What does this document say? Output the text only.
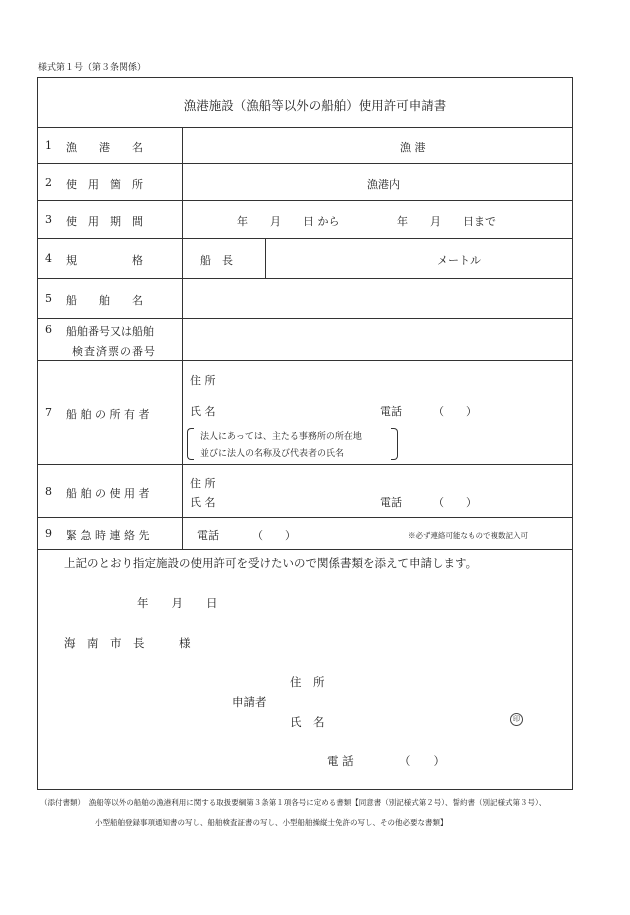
様式第１号（第３条関係）
漁港施設（漁船等以外の船舶）使用許可申請書
1 漁　　港　　名	漁 港
2 使　用　箇　所	漁港内
3 使　用　期　間	年　　月　　日 から	年　　月　　日まで
4 規　　　　　格	船　長	メートル
5 船　　舶　　名
6 船舶番号又は船舶
検査済票の番号
7 船 舶 の 所 有 者
住 所
氏 名	電話	（　　）
法人にあっては、主たる事務所の所在地
並びに法人の名称及び代表者の氏名
8 船 舶 の 使 用 者
住 所
氏 名	電話	（　　）
9 緊 急 時 連 絡 先	電話	（　　）	※必ず連絡可能なもので複数記入可
上記のとおり指定施設の使用許可を受けたいので関係書類を添えて申請します。
年　　月　　日
海　南　市　長　　　様
住　所
申請者
氏　名	印
電 話	（　　）
（添付書類）　漁船等以外の船舶の漁港利用に関する取扱要綱第３条第１項各号に定める書類【同意書（別記様式第２号）、誓約書（別記様式第３号）、
小型船舶登録事項通知書の写し、船舶検査証書の写し、小型船舶操縦士免許の写し、その他必要な書類】
